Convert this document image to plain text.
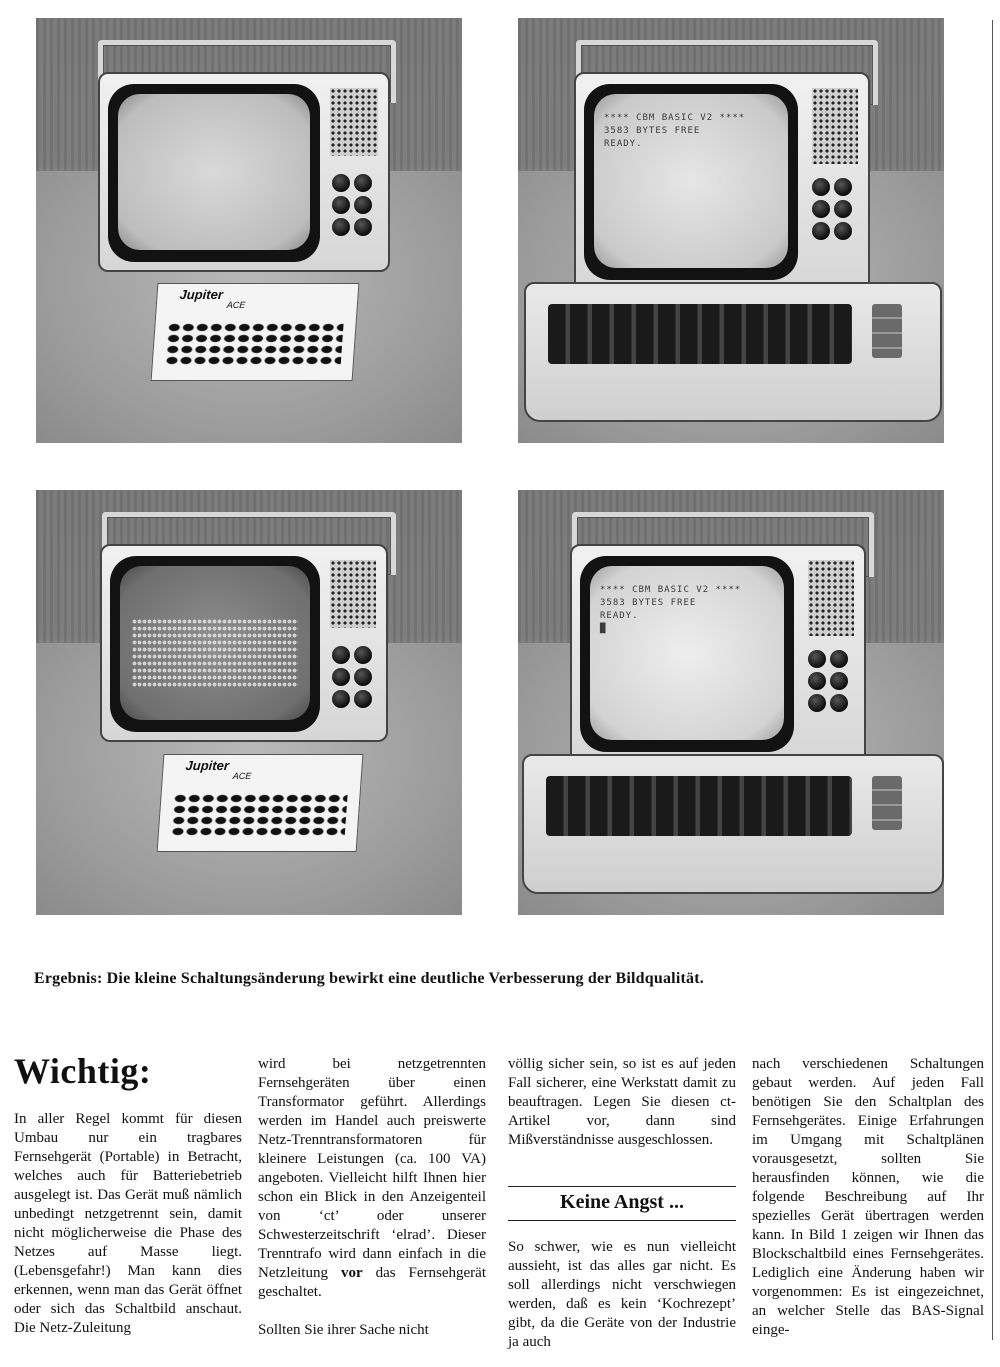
Jupiter
ACE
**** CBM BASIC V2 ****
3583 BYTES FREE
READY.
Jupiter
ACE
**** CBM BASIC V2 ****
3583 BYTES FREE
READY.
█
Ergebnis: Die kleine Schaltungsänderung bewirkt eine deutliche Verbesserung der Bildqualität.
Wichtig:

In aller Regel kommt für diesen Umbau nur ein tragbares Fernsehgerät (Portable) in Betracht, welches auch für Batteriebetrieb ausgelegt ist. Das Gerät muß nämlich unbedingt netzgetrennt sein, damit nicht möglicherweise die Phase des Netzes auf Masse liegt. (Lebensgefahr!) Man kann dies erkennen, wenn man das Gerät öffnet oder sich das Schaltbild anschaut. Die Netz-Zuleitung

wird bei netzgetrennten Fernsehgeräten über einen Transformator geführt. Allerdings werden im Handel auch preiswerte Netz-Trenntransformatoren für kleinere Leistungen (ca. 100 VA) angeboten. Vielleicht hilft Ihnen hier schon ein Blick in den Anzeigenteil von ‘ct’ oder unserer Schwesterzeitschrift ‘elrad’. Dieser Trenntrafo wird dann einfach in die Netzleitung vor das Fernsehgerät geschaltet.

Sollten Sie ihrer Sache nicht

völlig sicher sein, so ist es auf jeden Fall sicherer, eine Werkstatt damit zu beauftragen. Legen Sie diesen ct-Artikel vor, dann sind Mißverständnisse ausgeschlossen.

Keine Angst ...

So schwer, wie es nun vielleicht aussieht, ist das alles gar nicht. Es soll allerdings nicht verschwiegen werden, daß es kein ‘Kochrezept’ gibt, da die Geräte von der Industrie ja auch

nach verschiedenen Schaltungen gebaut werden. Auf jeden Fall benötigen Sie den Schaltplan des Fernsehgerätes. Einige Erfahrungen im Umgang mit Schaltplänen vorausgesetzt, sollten Sie herausfinden können, wie die folgende Beschreibung auf Ihr spezielles Gerät übertragen werden kann. In Bild 1 zeigen wir Ihnen das Blockschaltbild eines Fernsehgerätes. Lediglich eine Änderung haben wir vorgenommen: Es ist eingezeichnet, an welcher Stelle das BAS-Signal einge-
